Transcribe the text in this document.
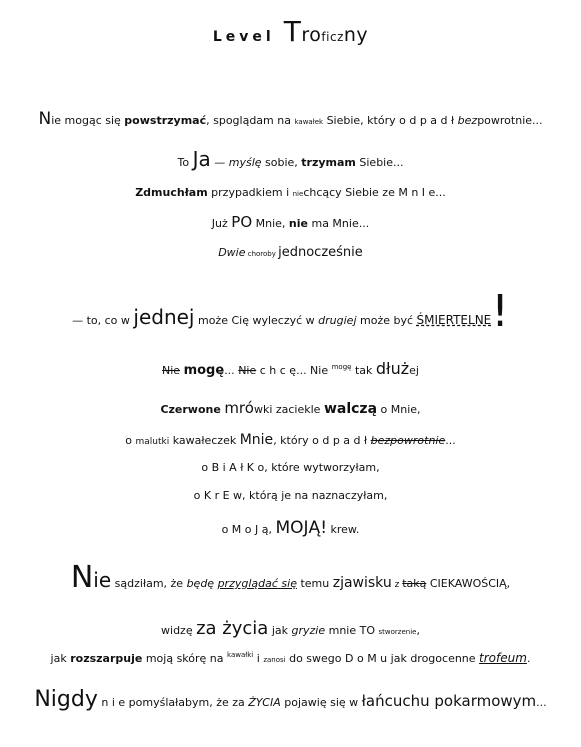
Level Troficzny
Nie mogąc się powstrzymać, spoglądam na kawałek Siebie, który o d p a d ł bezpowrotnie...
To Ja — myślę sobie, trzymam Siebie...
Zdmuchłam przypadkiem i niechcący Siebie ze M n I e...
Już PO Mnie, nie ma Mnie...
Dwie choroby jednocześnie
— to, co w jednej może Cię wyleczyć w drugiej może być ŚMIERTELNE!
Nie mogę... Nie c h c ę... Nie $^{mogę}$ tak dłużej
Czerwone mrówki zaciekle walczą o Mnie,
o malutki kawałeczek Mnie, który o d p a d ł bezpowrotnie...
o B i A ł K o, które wytworzyłam,
o K r E w, którą je na naznaczyłam,
o M o J ą, MOJĄ! krew.
Nie sądziłam, że będę przyglądać się temu zjawisku z taką CIEKAWOŚCIĄ,
widzę za życia jak gryzie mnie TO stworzenie,
jak rozszarpuje moją skórę na $^{kawałki}$ i zanosi do swego D o M u jak drogocenne trofeum.
Nigdy n i e pomyślałabym, że za ŻYCIA pojawię się w łańcuchu pokarmowym...
